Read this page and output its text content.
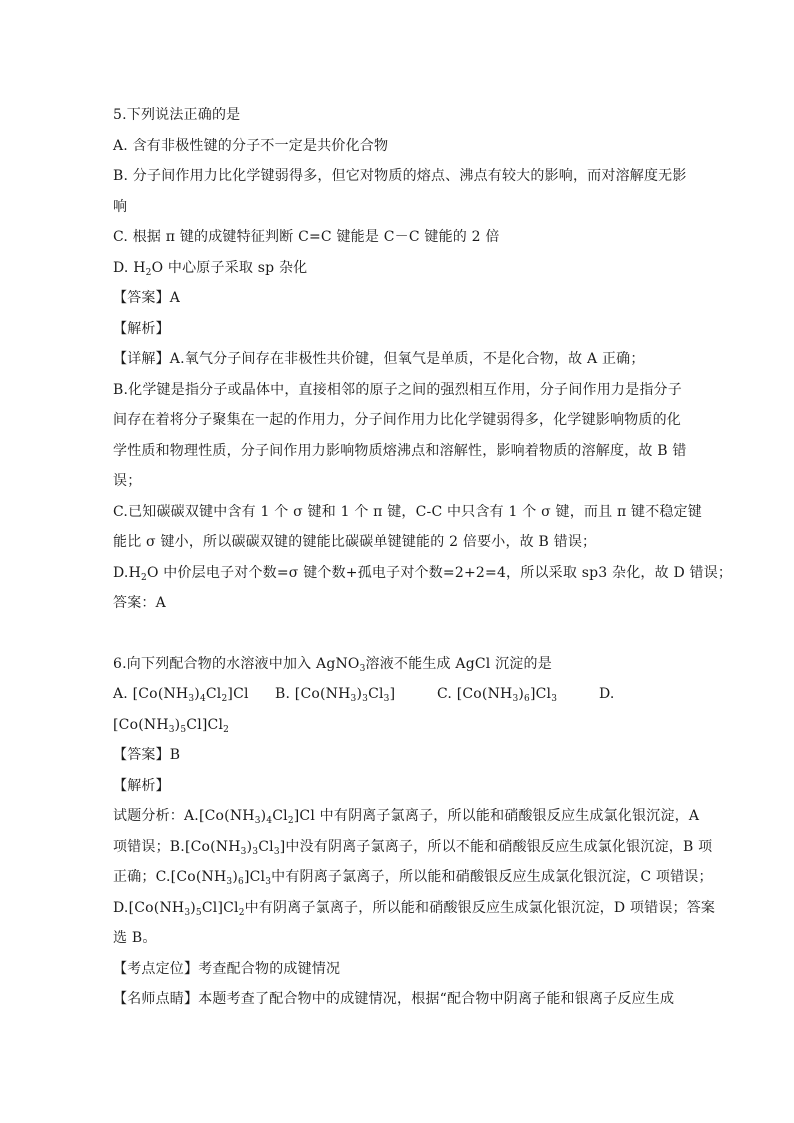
5.下列说法正确的是
A. 含有非极性键的分子不一定是共价化合物
B. 分子间作用力比化学键弱得多，但它对物质的熔点、沸点有较大的影响，而对溶解度无影
响
C. 根据 π 键的成键特征判断 C=C 键能是 C－C 键能的 2 倍
D. $H_2O$ 中心原子采取 sp 杂化
【答案】A
【解析】
【详解】A.氧气分子间存在非极性共价键，但氧气是单质，不是化合物，故 A 正确；
B.化学键是指分子或晶体中，直接相邻的原子之间的强烈相互作用，分子间作用力是指分子
间存在着将分子聚集在一起的作用力，分子间作用力比化学键弱得多，化学键影响物质的化
学性质和物理性质，分子间作用力影响物质熔沸点和溶解性，影响着物质的溶解度，故 B 错
误；
C.已知碳碳双键中含有 1 个 σ 键和 1 个 π 键，C-C 中只含有 1 个 σ 键，而且 π 键不稳定键
能比 σ 键小，所以碳碳双键的键能比碳碳单键键能的 2 倍要小，故 B 错误；
$D.H_2O$ 中价层电子对个数=σ 键个数+孤电子对个数=2+2=4，所以采取 sp3 杂化，故 D 错误；
答案：A
6.向下列配合物的水溶液中加入 AgNO$_3$溶液不能生成 AgCl 沉淀的是
A. $[Co(NH_3)_4Cl_2]Cl$	B. $[Co(NH_3)_3Cl_3]$	C. $[Co(NH_3)_6]Cl_3$	D.
$[Co(NH_3)_5Cl]Cl_2$
【答案】B
【解析】
试题分析：$A.[Co(NH_3)_4Cl_2]Cl$ 中有阴离子氯离子，所以能和硝酸银反应生成氯化银沉淀，A
项错误；$B.[Co(NH_3)_3Cl_3]$中没有阴离子氯离子，所以不能和硝酸银反应生成氯化银沉淀，B 项
正确；$C.[Co(NH_3)_6]Cl_3$中有阴离子氯离子，所以能和硝酸银反应生成氯化银沉淀，C 项错误；
$D.[Co(NH_3)_5Cl]Cl_2$中有阴离子氯离子，所以能和硝酸银反应生成氯化银沉淀，D 项错误；答案
选 B。
【考点定位】考查配合物的成键情况
【名师点睛】本题考查了配合物中的成键情况，根据“配合物中阴离子能和银离子反应生成
